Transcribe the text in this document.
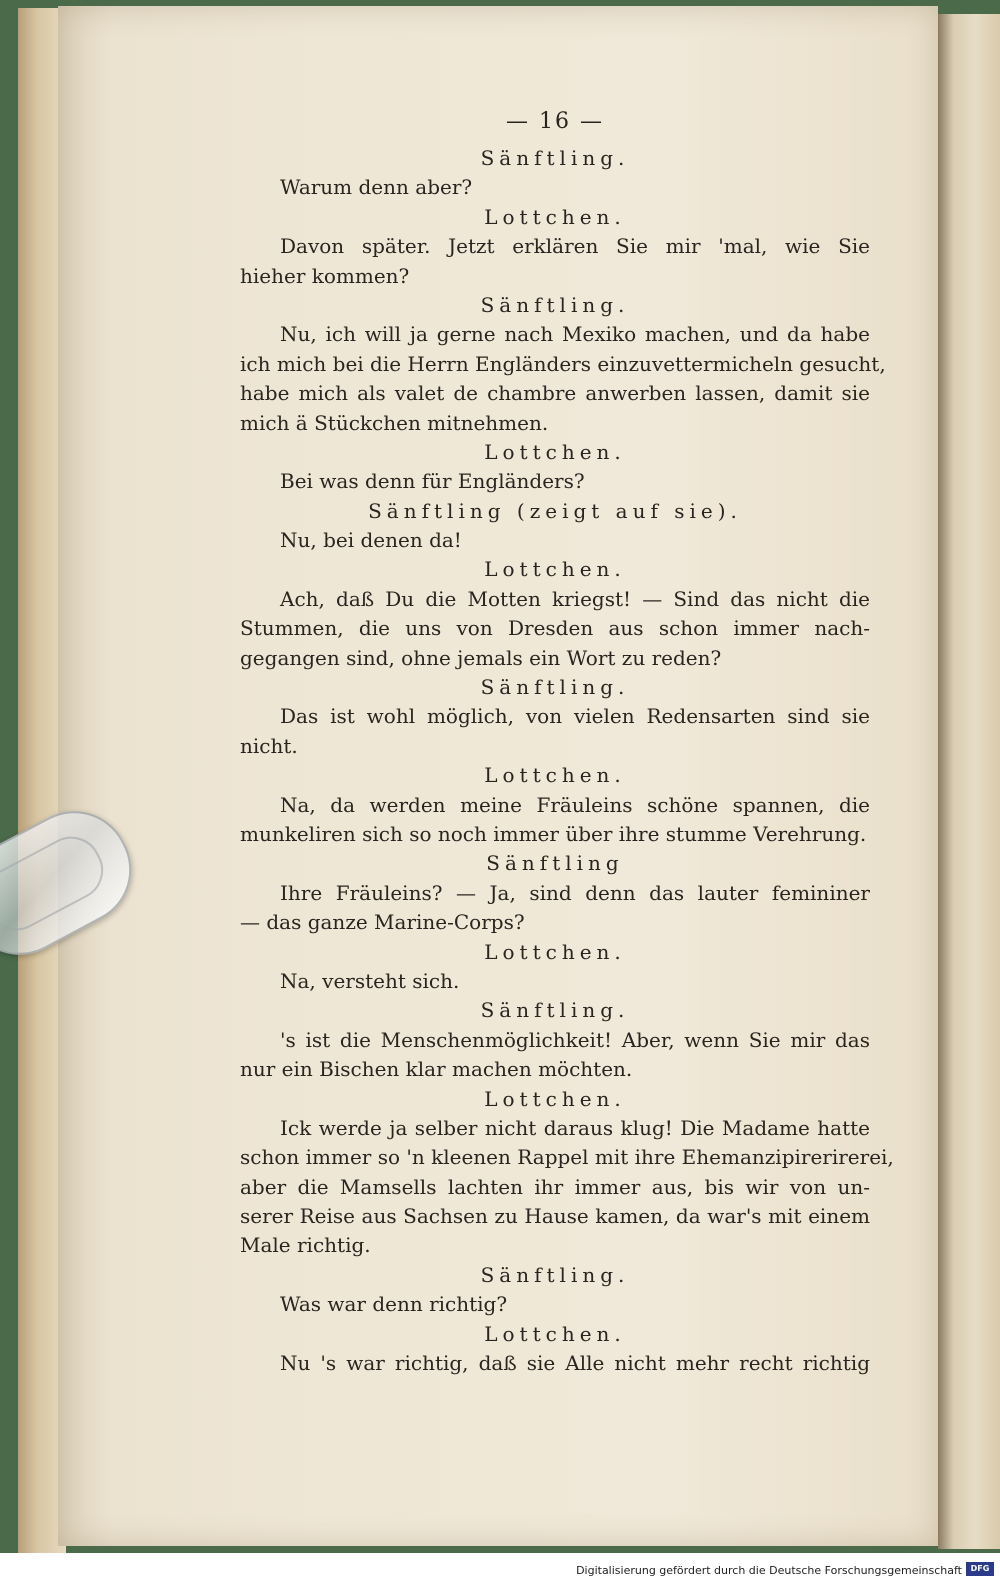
— 16 —
Sänftling.
Warum denn aber?
Lottchen.
Davon später. Jetzt erklären Sie mir 'mal, wie Sie
hieher kommen?
Sänftling.
Nu, ich will ja gerne nach Mexiko machen, und da habe
ich mich bei die Herrn Engländers einzuvettermicheln gesucht,
habe mich als valet de chambre anwerben lassen, damit sie
mich ä Stückchen mitnehmen.
Lottchen.
Bei was denn für Engländers?
Sänftling (zeigt auf sie).
Nu, bei denen da!
Lottchen.
Ach, daß Du die Motten kriegst! — Sind das nicht die
Stummen, die uns von Dresden aus schon immer nach-
gegangen sind, ohne jemals ein Wort zu reden?
Sänftling.
Das ist wohl möglich, von vielen Redensarten sind sie
nicht.
Lottchen.
Na, da werden meine Fräuleins schöne spannen, die
munkeliren sich so noch immer über ihre stumme Verehrung.
Sänftling
Ihre Fräuleins? — Ja, sind denn das lauter femininer
— das ganze Marine-Corps?
Lottchen.
Na, versteht sich.
Sänftling.
's ist die Menschenmöglichkeit! Aber, wenn Sie mir das
nur ein Bischen klar machen möchten.
Lottchen.
Ick werde ja selber nicht daraus klug! Die Madame hatte
schon immer so 'n kleenen Rappel mit ihre Ehemanzipirerirerei,
aber die Mamsells lachten ihr immer aus, bis wir von un-
serer Reise aus Sachsen zu Hause kamen, da war's mit einem
Male richtig.
Sänftling.
Was war denn richtig?
Lottchen.
Nu 's war richtig, daß sie Alle nicht mehr recht richtig
Digitalisierung gefördert durch die Deutsche Forschungsgemeinschaft	DFG
